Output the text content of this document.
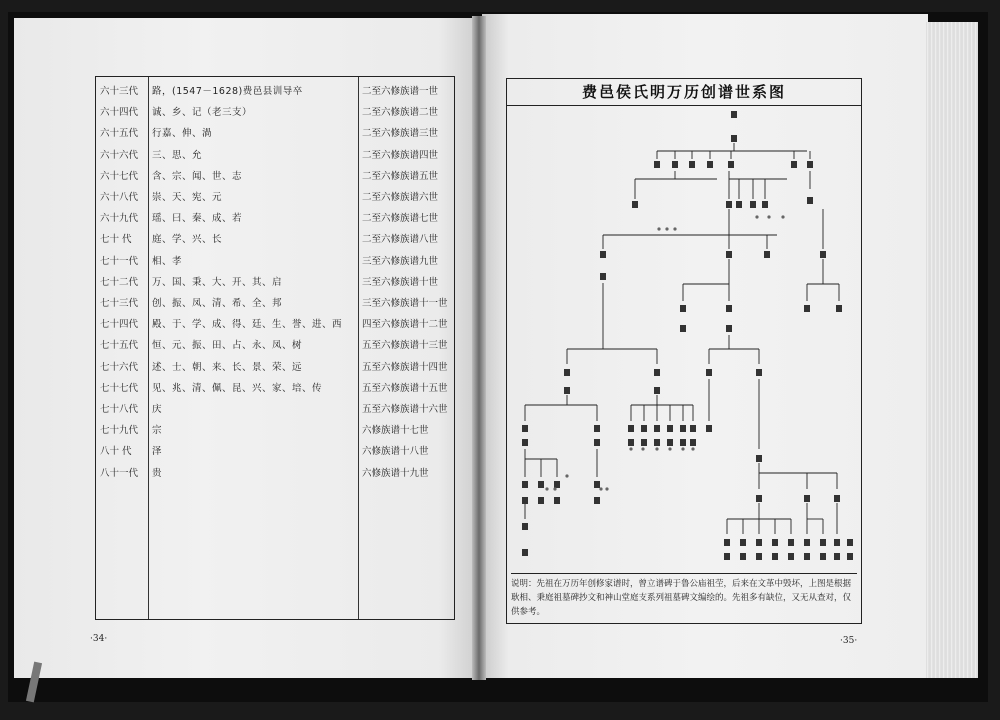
六十三代	路，(1547－1628)费邑县训导卒	二至六修族谱一世
六十四代	诚、乡、记（老三支）	二至六修族谱二世
六十五代	行嘉、伸、渦	二至六修族谱三世
六十六代	三、思、允	二至六修族谱四世
六十七代	含、宗、闻、世、志	二至六修族谱五世
六十八代	崇、天、宪、元	二至六修族谱六世
六十九代	瑶、曰、秦、成、若	二至六修族谱七世
七十 代	庭、学、兴、长	二至六修族谱八世
七十一代	相、孝	三至六修族谱九世
七十二代	万、国、秉、大、开、其、启	三至六修族谱十世
七十三代	创、振、凤、清、希、全、邦	三至六修族谱十一世
七十四代	殿、于、学、成、得、廷、生、誉、进、西 四至六修族谱十二世
七十五代	恒、元、振、田、占、永、凤、树	五至六修族谱十三世
七十六代	述、士、朝、来、长、景、荣、远	五至六修族谱十四世
七十七代	见、兆、清、佩、昆、兴、家、培、传	五至六修族谱十五世
七十八代	庆	五至六修族谱十六世
七十九代	宗	六修族谱十七世
八十 代	泽	六修族谱十八世
八十一代	贵	六修族谱十九世
·34·
费邑侯氏明万历创谱世系图
说明：先祖在万历年创修家谱时，曾立谱碑于鲁公庙祖茔，后来在文革中毁坏，上图是根据耿相、秉庭祖墓碑抄文和神山堂庭支系列祖墓碑文编绘的。先祖多有缺位，又无从查对，仅供参考。
·35·
